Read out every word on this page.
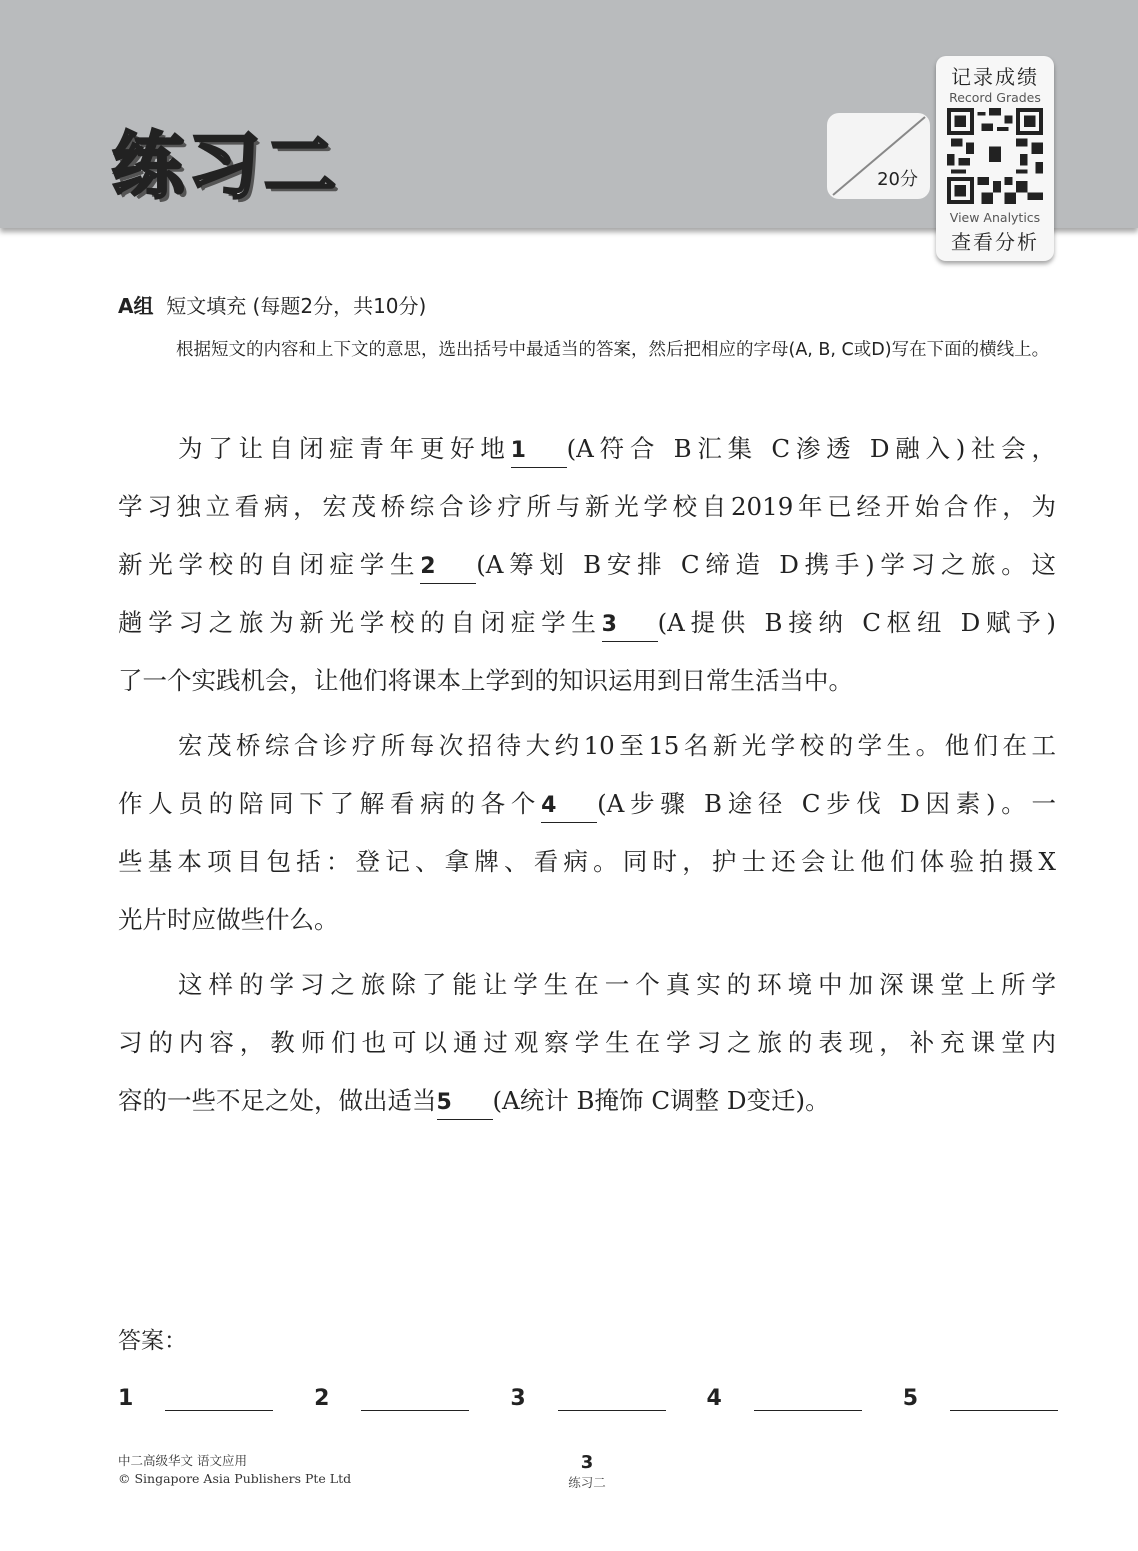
练习二	20分
记录成绩
Record Grades
View Analytics
查看分析
A组 短文填充 (每题2分，共10分)
根据短文的内容和上下文的意思，选出括号中最适当的答案，然后把相应的字母(A, B, C或D)写在下面的横线上。
为了让自闭症青年更好地1 (A符合 B汇集 C渗透 D融入)社会，
学习独立看病，宏茂桥综合诊疗所与新光学校自2019年已经开始合作，为
新光学校的自闭症学生2 (A筹划 B安排 C缔造 D携手)学习之旅。这
趟学习之旅为新光学校的自闭症学生3 (A提供 B接纳 C枢纽 D赋予)
了一个实践机会，让他们将课本上学到的知识运用到日常生活当中。
宏茂桥综合诊疗所每次招待大约10至15名新光学校的学生。他们在工
作人员的陪同下了解看病的各个4 (A步骤 B途径 C步伐 D因素)。一
些基本项目包括：登记、拿牌、看病。同时，护士还会让他们体验拍摄X
光片时应做些什么。
这样的学习之旅除了能让学生在一个真实的环境中加深课堂上所学
习的内容，教师们也可以通过观察学生在学习之旅的表现，补充课堂内
容的一些不足之处，做出适当5 (A统计 B掩饰 C调整 D变迁)。
答案：
1	2	3	4	5
中二高级华文 语文应用
© Singapore Asia Publishers Pte Ltd
3
练习二
